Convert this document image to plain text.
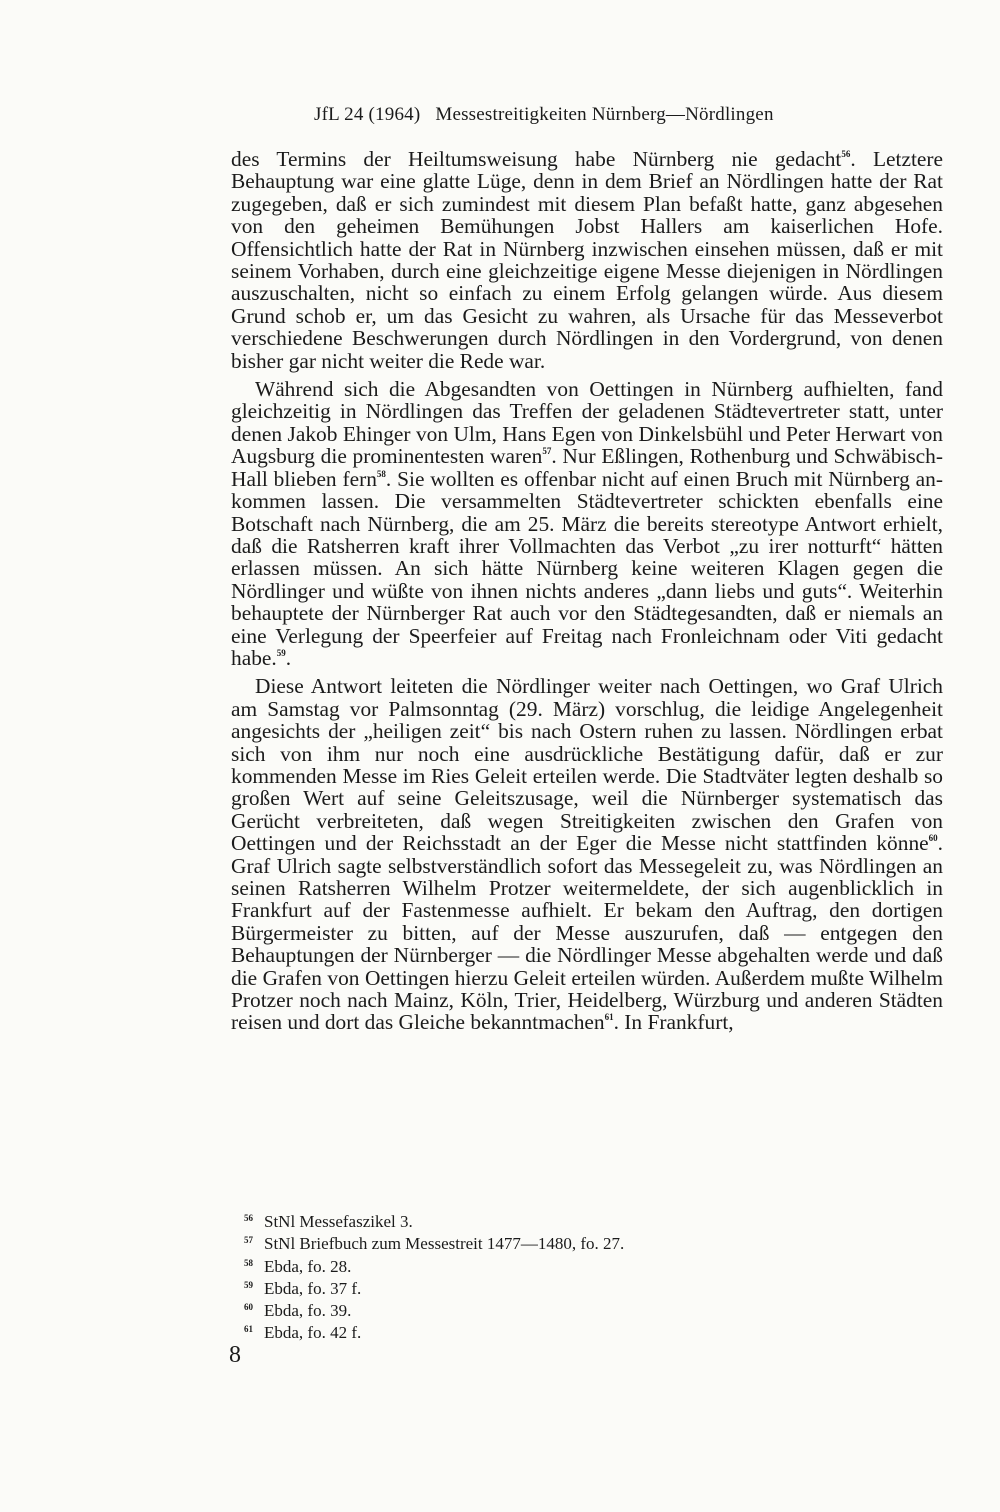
JfL 24 (1964) Messestreitigkeiten Nürnberg—Nördlingen

des Termins der Heiltumsweisung habe Nürnberg nie gedacht$^{56}$. Letztere Behauptung war eine glatte Lüge, denn in dem Brief an Nördlingen hatte der Rat zugegeben, daß er sich zumindest mit diesem Plan befaßt hatte, ganz abgesehen von den geheimen Bemühungen Jobst Hallers am kaiserlichen Hofe. Offensichtlich hatte der Rat in Nürnberg inzwischen einsehen müssen, daß er mit seinem Vorhaben, durch eine gleichzeitige eigene Messe diejenigen in Nördlingen auszuschalten, nicht so einfach zu einem Erfolg gelangen würde. Aus diesem Grund schob er, um das Gesicht zu wahren, als Ursache für das Messeverbot verschiedene Beschwerungen durch Nördlingen in den Vordergrund, von denen bisher gar nicht weiter die Rede war.

Während sich die Abgesandten von Oettingen in Nürnberg aufhielten, fand gleichzeitig in Nördlingen das Treffen der geladenen Städtevertreter statt, unter denen Jakob Ehinger von Ulm, Hans Egen von Dinkelsbühl und Peter Herwart von Augsburg die prominentesten waren$^{57}$. Nur Eßlingen, Rothenburg und Schwäbisch-Hall blieben fern$^{58}$. Sie wollten es offenbar nicht auf einen Bruch mit Nürnberg ankommen lassen. Die versammelten Städtevertreter schickten ebenfalls eine Botschaft nach Nürnberg, die am 25. März die bereits stereotype Antwort erhielt, daß die Ratsherren kraft ihrer Vollmachten das Verbot „zu irer notturft“ hätten erlassen müssen. An sich hätte Nürnberg keine weiteren Klagen gegen die Nördlinger und wüßte von ihnen nichts anderes „dann liebs und guts“. Weiterhin behauptete der Nürnberger Rat auch vor den Städtegesandten, daß er niemals an eine Verlegung der Speerfeier auf Freitag nach Fronleichnam oder Viti gedacht habe.$^{59}$.

Diese Antwort leiteten die Nördlinger weiter nach Oettingen, wo Graf Ulrich am Samstag vor Palmsonntag (29. März) vorschlug, die leidige Angelegenheit angesichts der „heiligen zeit“ bis nach Ostern ruhen zu lassen. Nördlingen erbat sich von ihm nur noch eine ausdrückliche Bestätigung dafür, daß er zur kommenden Messe im Ries Geleit erteilen werde. Die Stadtväter legten deshalb so großen Wert auf seine Geleitszusage, weil die Nürnberger systematisch das Gerücht verbreiteten, daß wegen Streitigkeiten zwischen den Grafen von Oettingen und der Reichsstadt an der Eger die Messe nicht stattfinden könne$^{60}$. Graf Ulrich sagte selbstverständlich sofort das Messegeleit zu, was Nördlingen an seinen Ratsherren Wilhelm Protzer weitermeldete, der sich augenblicklich in Frankfurt auf der Fastenmesse aufhielt. Er bekam den Auftrag, den dortigen Bürgermeister zu bitten, auf der Messe auszurufen, daß — entgegen den Behauptungen der Nürnberger — die Nördlinger Messe abgehalten werde und daß die Grafen von Oettingen hierzu Geleit erteilen würden. Außerdem mußte Wilhelm Protzer noch nach Mainz, Köln, Trier, Heidelberg, Würzburg und anderen Städten reisen und dort das Gleiche bekanntmachen$^{61}$. In Frankfurt,

56 StNl Messefaszikel 3.
57 StNl Briefbuch zum Messestreit 1477—1480, fo. 27.
58 Ebda, fo. 28.
59 Ebda, fo. 37 f.
60 Ebda, fo. 39.
61 Ebda, fo. 42 f.
8
